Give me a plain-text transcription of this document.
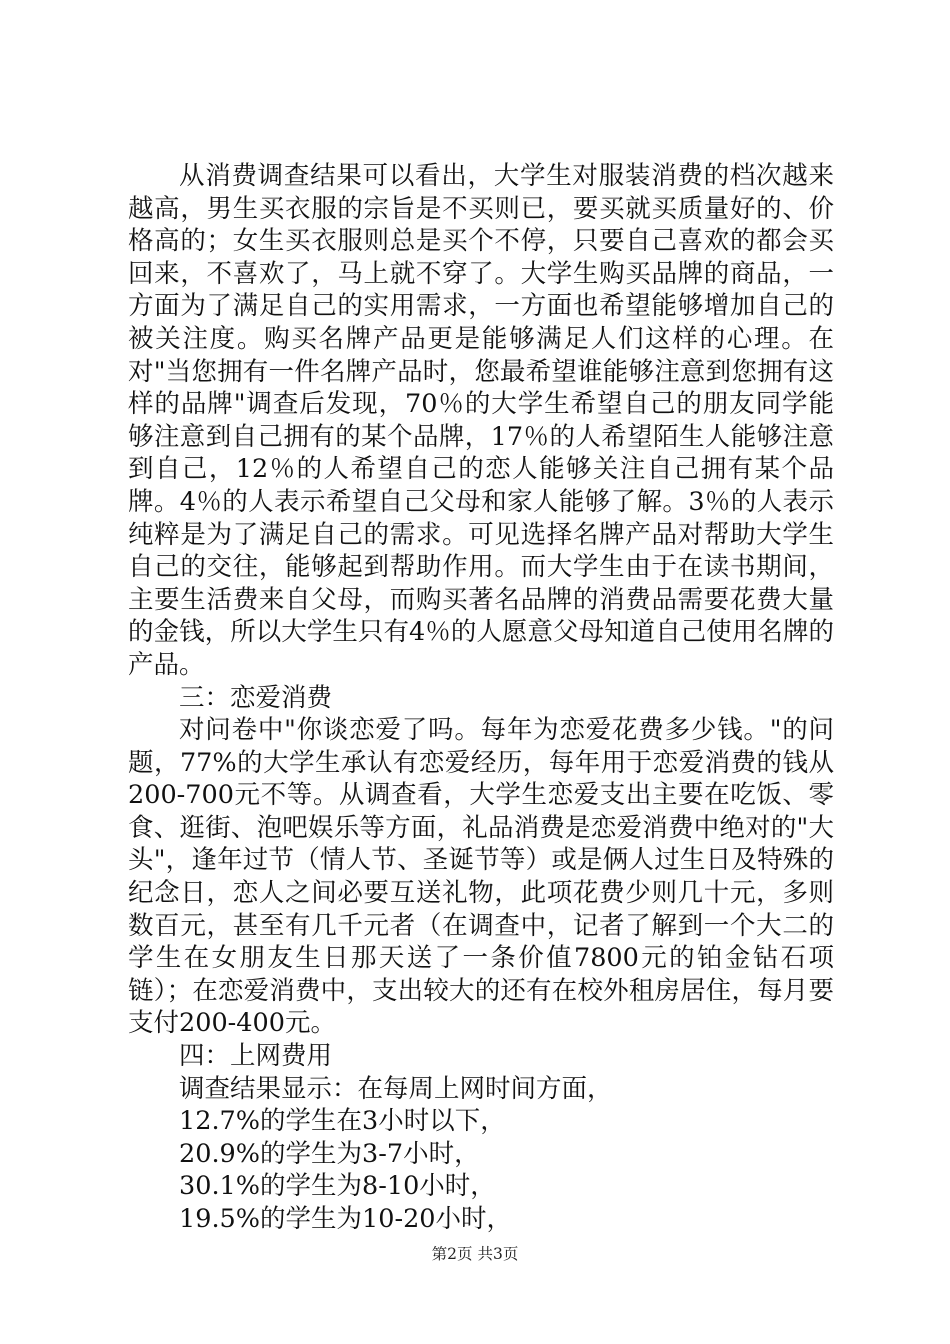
从消费调查结果可以看出，大学生对服装消费的档次越来越高，男生买衣服的宗旨是不买则已，要买就买质量好的、价格高的；女生买衣服则总是买个不停，只要自己喜欢的都会买回来，不喜欢了，马上就不穿了。大学生购买品牌的商品，一方面为了满足自己的实用需求，一方面也希望能够增加自己的被关注度。购买名牌产品更是能够满足人们这样的心理。在对"当您拥有一件名牌产品时，您最希望谁能够注意到您拥有这样的品牌"调查后发现，70％的大学生希望自己的朋友同学能够注意到自己拥有的某个品牌，17％的人希望陌生人能够注意到自己，12％的人希望自己的恋人能够关注自己拥有某个品牌。4％的人表示希望自己父母和家人能够了解。3％的人表示纯粹是为了满足自己的需求。可见选择名牌产品对帮助大学生自己的交往，能够起到帮助作用。而大学生由于在读书期间，主要生活费来自父母，而购买著名品牌的消费品需要花费大量的金钱，所以大学生只有4％的人愿意父母知道自己使用名牌的产品。

三：恋爱消费

对问卷中"你谈恋爱了吗。每年为恋爱花费多少钱。"的问题，77%的大学生承认有恋爱经历，每年用于恋爱消费的钱从200-700元不等。从调查看，大学生恋爱支出主要在吃饭、零食、逛街、泡吧娱乐等方面，礼品消费是恋爱消费中绝对的"大头"，逢年过节（情人节、圣诞节等）或是俩人过生日及特殊的纪念日，恋人之间必要互送礼物，此项花费少则几十元，多则数百元，甚至有几千元者（在调查中，记者了解到一个大二的学生在女朋友生日那天送了一条价值7800元的铂金钻石项链）；在恋爱消费中，支出较大的还有在校外租房居住，每月要支付200-400元。

四：上网费用

调查结果显示：在每周上网时间方面，

12.7%的学生在3小时以下，
20.9%的学生为3-7小时，
30.1%的学生为8-10小时，
19.5%的学生为10-20小时，
第2页 共3页
